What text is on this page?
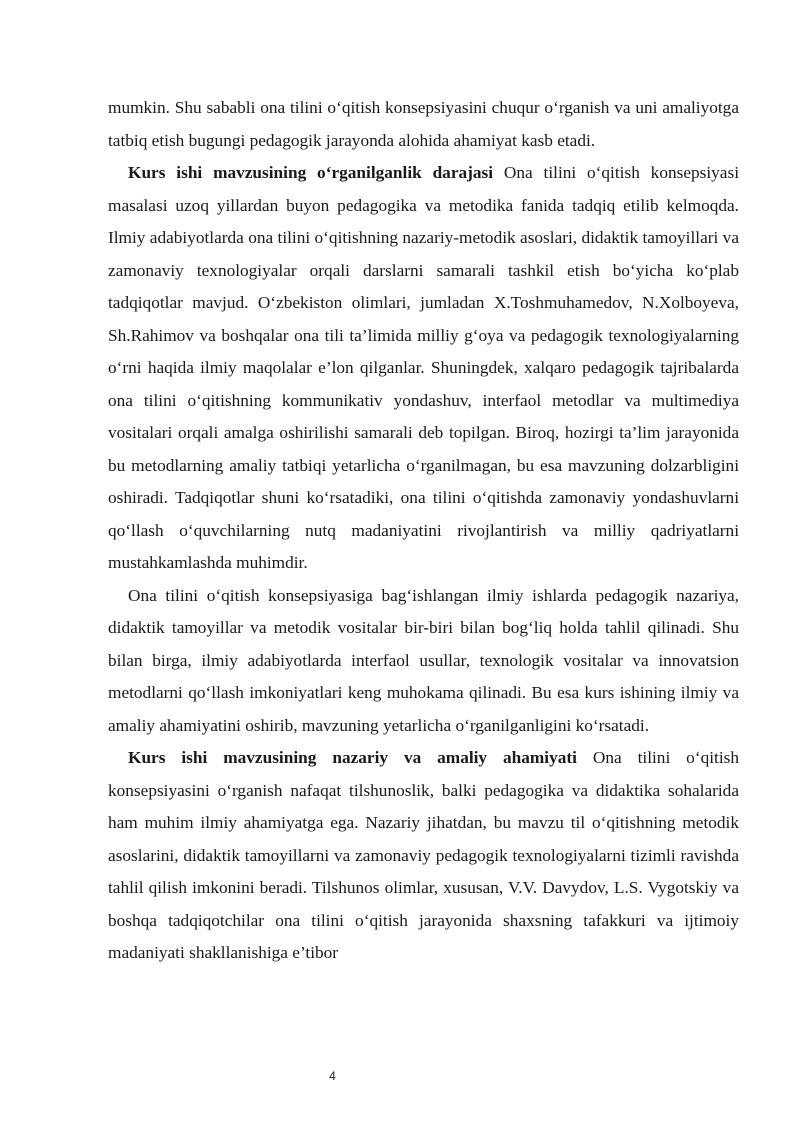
mumkin. Shu sababli ona tilini o‘qitish konsepsiyasini chuqur o‘rganish va uni amaliyotga tatbiq etish bugungi pedagogik jarayonda alohida ahamiyat kasb etadi.

Kurs ishi mavzusining o‘rganilganlik darajasi Ona tilini o‘qitish konsepsiyasi masalasi uzoq yillardan buyon pedagogika va metodika fanida tadqiq etilib kelmoqda. Ilmiy adabiyotlarda ona tilini o‘qitishning nazariy-metodik asoslari, didaktik tamoyillari va zamonaviy texnologiyalar orqali darslarni samarali tashkil etish bo‘yicha ko‘plab tadqiqotlar mavjud. O‘zbekiston olimlari, jumladan X.Toshmuhamedov, N.Xolboyeva, Sh.Rahimov va boshqalar ona tili ta’limida milliy g‘oya va pedagogik texnologiyalarning o‘rni haqida ilmiy maqolalar e’lon qilganlar. Shuningdek, xalqaro pedagogik tajribalarda ona tilini o‘qitishning kommunikativ yondashuv, interfaol metodlar va multimediya vositalari orqali amalga oshirilishi samarali deb topilgan. Biroq, hozirgi ta’lim jarayonida bu metodlarning amaliy tatbiqi yetarlicha o‘rganilmagan, bu esa mavzuning dolzarbligini oshiradi. Tadqiqotlar shuni ko‘rsatadiki, ona tilini o‘qitishda zamonaviy yondashuvlarni qo‘llash o‘quvchilarning nutq madaniyatini rivojlantirish va milliy qadriyatlarni mustahkamlashda muhimdir.

Ona tilini o‘qitish konsepsiyasiga bag‘ishlangan ilmiy ishlarda pedagogik nazariya, didaktik tamoyillar va metodik vositalar bir-biri bilan bog‘liq holda tahlil qilinadi. Shu bilan birga, ilmiy adabiyotlarda interfaol usullar, texnologik vositalar va innovatsion metodlarni qo‘llash imkoniyatlari keng muhokama qilinadi. Bu esa kurs ishining ilmiy va amaliy ahamiyatini oshirib, mavzuning yetarlicha o‘rganilganligini ko‘rsatadi.

Kurs ishi mavzusining nazariy va amaliy ahamiyati Ona tilini o‘qitish konsepsiyasini o‘rganish nafaqat tilshunoslik, balki pedagogika va didaktika sohalarida ham muhim ilmiy ahamiyatga ega. Nazariy jihatdan, bu mavzu til o‘qitishning metodik asoslarini, didaktik tamoyillarni va zamonaviy pedagogik texnologiyalarni tizimli ravishda tahlil qilish imkonini beradi. Tilshunos olimlar, xususan, V.V. Davydov, L.S. Vygotskiy va boshqa tadqiqotchilar ona tilini o‘qitish jarayonida shaxsning tafakkuri va ijtimoiy madaniyati shakllanishiga e’tibor

4
